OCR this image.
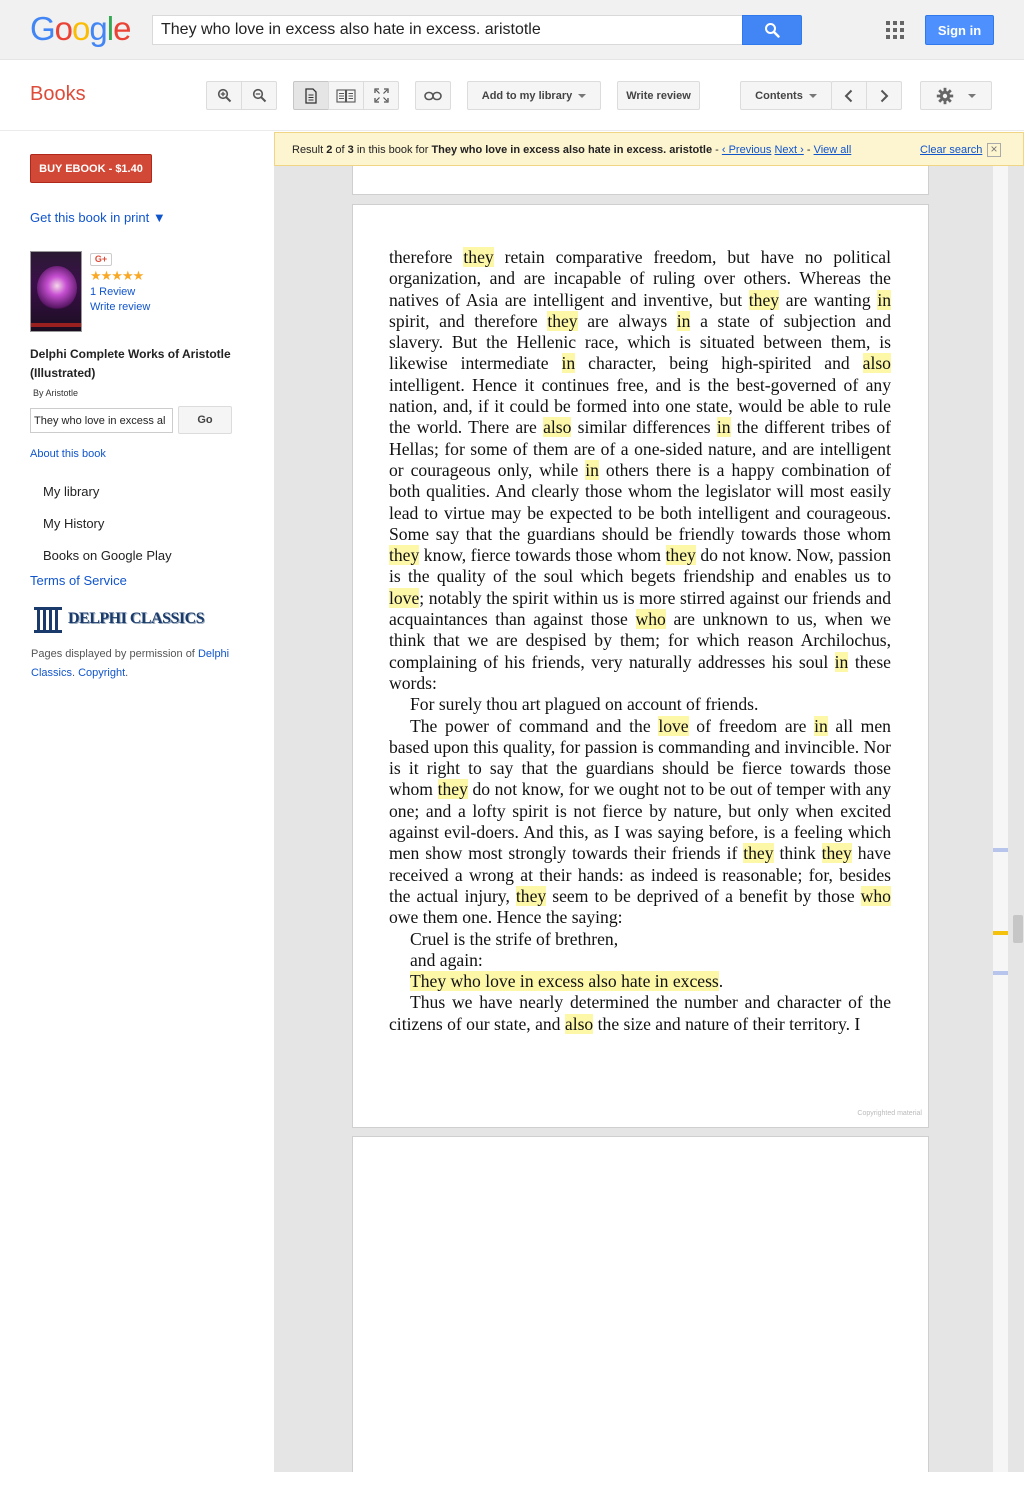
Google
They who love in excess also hate in excess. aristotle	Sign in
Books	Add to my library	Write review	Contents
BUY EBOOK - $1.40
Get this book in print ▼
G+
★★★★★
1 Review
Write review
Delphi Complete Works of Aristotle (Illustrated)
By Aristotle
They who love in excess al
Go
About this book
My library
My History
Books on Google Play
Terms of Service
DELPHI CLASSICS
Pages displayed by permission of Delphi Classics. Copyright.

therefore they retain comparative freedom, but have no political organization, and are incapable of ruling over others. Whereas the natives of Asia are intelligent and inventive, but they are wanting in spirit, and therefore they are always in a state of subjection and slavery. But the Hellenic race, which is situated between them, is likewise intermediate in character, being high-spirited and also intelligent. Hence it continues free, and is the best-governed of any nation, and, if it could be formed into one state, would be able to rule the world. There are also similar differences in the different tribes of Hellas; for some of them are of a one-sided nature, and are intelligent or courageous only, while in others there is a happy combination of both qualities. And clearly those whom the legislator will most easily lead to virtue may be expected to be both intelligent and courageous. Some say that the guardians should be friendly towards those whom they know, fierce towards those whom they do not know. Now, passion is the quality of the soul which begets friendship and enables us to love; notably the spirit within us is more stirred against our friends and acquaintances than against those who are unknown to us, when we think that we are despised by them; for which reason Archilochus, complaining of his friends, very naturally addresses his soul in these words:

For surely thou art plagued on account of friends.

The power of command and the love of freedom are in all men based upon this quality, for passion is commanding and invincible. Nor is it right to say that the guardians should be fierce towards those whom they do not know, for we ought not to be out of temper with any one; and a lofty spirit is not fierce by nature, but only when excited against evil-doers. And this, as I was saying before, is a feeling which men show most strongly towards their friends if they think they have received a wrong at their hands: as indeed is reasonable; for, besides the actual injury, they seem to be deprived of a benefit by those who owe them one. Hence the saying:

Cruel is the strife of brethren,

and again:

They who love in excess also hate in excess.

Thus we have nearly determined the number and character of the citizens of our state, and also the size and nature of their territory. I

Copyrighted material
Result 2 of 3 in this book for They who love in excess also hate in excess. aristotle - ‹ Previous Next › - View all	Clear search ×
